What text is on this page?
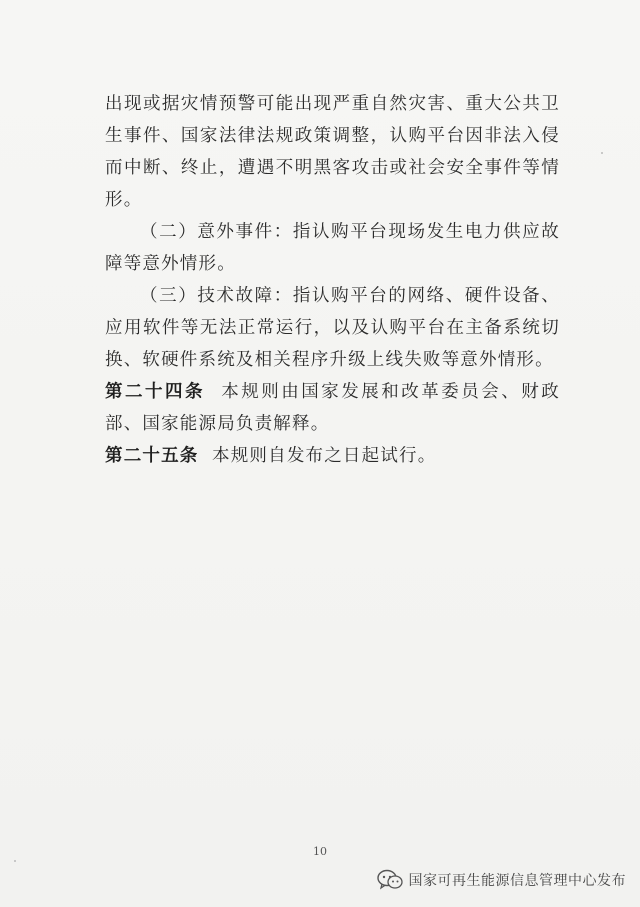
出现或据灾情预警可能出现严重自然灾害、重大公共卫生事件、国家法律法规政策调整，认购平台因非法入侵而中断、终止，遭遇不明黑客攻击或社会安全事件等情形。

（二）意外事件：指认购平台现场发生电力供应故障等意外情形。

（三）技术故障：指认购平台的网络、硬件设备、应用软件等无法正常运行，以及认购平台在主备系统切换、软硬件系统及相关程序升级上线失败等意外情形。

第二十四条 本规则由国家发展和改革委员会、财政部、国家能源局负责解释。

第二十五条 本规则自发布之日起试行。

10
国家可再生能源信息管理中心发布
